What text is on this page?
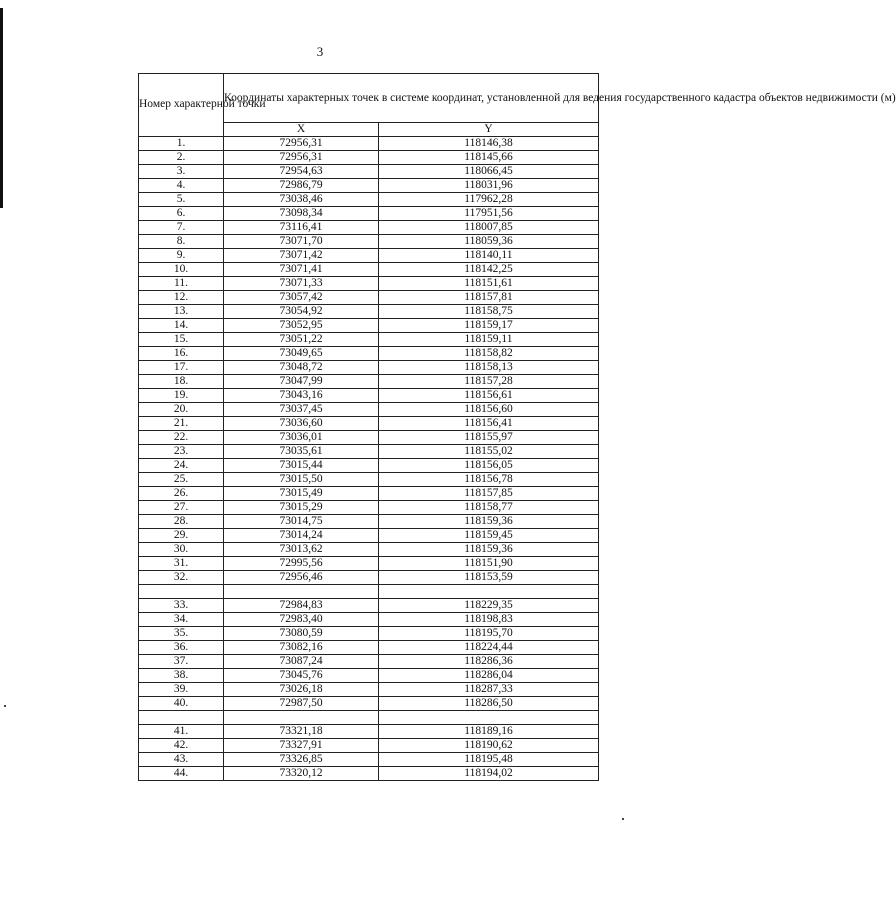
3
Номер характерной точки	Координаты характерных точек в системе координат, установленной для ведения государственного кадастра объектов недвижимости (м)	
	X	Y
1.	72956,31	118146,38
2.	72956,31	118145,66
3.	72954,63	118066,45
4.	72986,79	118031,96
5.	73038,46	117962,28
6.	73098,34	117951,56
7.	73116,41	118007,85
8.	73071,70	118059,36
9.	73071,42	118140,11
10.	73071,41	118142,25
11.	73071,33	118151,61
12.	73057,42	118157,81
13.	73054,92	118158,75
14.	73052,95	118159,17
15.	73051,22	118159,11
16.	73049,65	118158,82
17.	73048,72	118158,13
18.	73047,99	118157,28
19.	73043,16	118156,61
20.	73037,45	118156,60
21.	73036,60	118156,41
22.	73036,01	118155,97
23.	73035,61	118155,02
24.	73015,44	118156,05
25.	73015,50	118156,78
26.	73015,49	118157,85
27.	73015,29	118158,77
28.	73014,75	118159,36
29.	73014,24	118159,45
30.	73013,62	118159,36
31.	72995,56	118151,90
32.	72956,46	118153,59

33.	72984,83	118229,35
34.	72983,40	118198,83
35.	73080,59	118195,70
36.	73082,16	118224,44
37.	73087,24	118286,36
38.	73045,76	118286,04
39.	73026,18	118287,33
40.	72987,50	118286,50

41.	73321,18	118189,16
42.	73327,91	118190,62
43.	73326,85	118195,48
44.	73320,12	118194,02
